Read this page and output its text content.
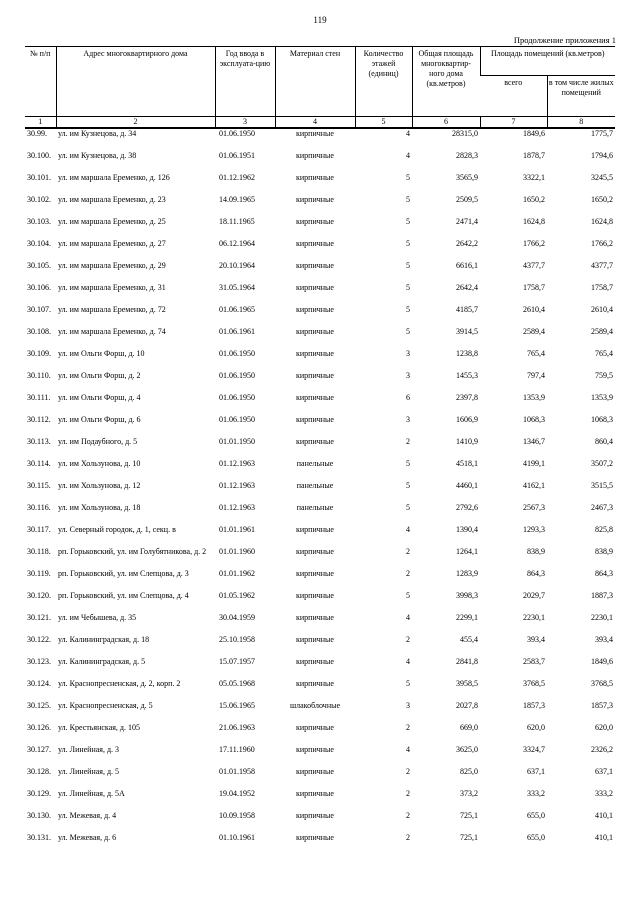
119
Продолжение приложения 1
№ п/п	Адрес многоквартирного дома	Год ввода в эксплуата-цию	Материал стен	Количество этажей (единиц)	Общая площадь многоквартир-ного дома (кв.метров)	Площадь помещений (кв.метров)	
						всего	в том числе жилых помещений
1	2	3	4	5	6	7	8
30.99.	ул. им Кузнецова, д. 34	01.06.1950	кирпичные	4	28315,0	1849,6	1775,7
30.100.	ул. им Кузнецова, д. 38	01.06.1951	кирпичные	4	2828,3	1878,7	1794,6
30.101.	ул. им маршала Еременко, д. 126	01.12.1962	кирпичные	5	3565,9	3322,1	3245,5
30.102.	ул. им маршала Еременко, д. 23	14.09.1965	кирпичные	5	2509,5	1650,2	1650,2
30.103.	ул. им маршала Еременко, д. 25	18.11.1965	кирпичные	5	2471,4	1624,8	1624,8
30.104.	ул. им маршала Еременко, д. 27	06.12.1964	кирпичные	5	2642,2	1766,2	1766,2
30.105.	ул. им маршала Еременко, д. 29	20.10.1964	кирпичные	5	6616,1	4377,7	4377,7
30.106.	ул. им маршала Еременко, д. 31	31.05.1964	кирпичные	5	2642,4	1758,7	1758,7
30.107.	ул. им маршала Еременко, д. 72	01.06.1965	кирпичные	5	4185,7	2610,4	2610,4
30.108.	ул. им маршала Еременко, д. 74	01.06.1961	кирпичные	5	3914,5	2589,4	2589,4
30.109.	ул. им Ольги Форш, д. 10	01.06.1950	кирпичные	3	1238,8	765,4	765,4
30.110.	ул. им Ольги Форш, д. 2	01.06.1950	кирпичные	3	1455,3	797,4	759,5
30.111.	ул. им Ольги Форш, д. 4	01.06.1950	кирпичные	6	2397,8	1353,9	1353,9
30.112.	ул. им Ольги Форш, д. 6	01.06.1950	кирпичные	3	1606,9	1068,3	1068,3
30.113.	ул. им Подаубного, д. 5	01.01.1950	кирпичные	2	1410,9	1346,7	860,4
30.114.	ул. им Хользунова, д. 10	01.12.1963	панельные	5	4518,1	4199,1	3507,2
30.115.	ул. им Хользунова, д. 12	01.12.1963	панельные	5	4460,1	4162,1	3515,5
30.116.	ул. им Хользунова, д. 18	01.12.1963	панельные	5	2792,6	2567,3	2467,3
30.117.	ул. Северный городок, д. 1, секц. в	01.01.1961	кирпичные	4	1390,4	1293,3	825,8
30.118.	рп. Горьковский, ул. им Голубятникова, д. 2	01.01.1960	кирпичные	2	1264,1	838,9	838,9
30.119.	рп. Горьковский, ул. им Слепцова, д. 3	01.01.1962	кирпичные	2	1283,9	864,3	864,3
30.120.	рп. Горьковский, ул. им Слепцова, д. 4	01.05.1962	кирпичные	5	3998,3	2029,7	1887,3
30.121.	ул. им Чебышева, д. 35	30.04.1959	кирпичные	4	2299,1	2230,1	2230,1
30.122.	ул. Калининградская, д. 18	25.10.1958	кирпичные	2	455,4	393,4	393,4
30.123.	ул. Калининградская, д. 5	15.07.1957	кирпичные	4	2841,8	2583,7	1849,6
30.124.	ул. Краснопресненская, д. 2, корп. 2	05.05.1968	кирпичные	5	3958,5	3768,5	3768,5
30.125.	ул. Краснопресненская, д. 5	15.06.1965	шлакоблочные	3	2027,8	1857,3	1857,3
30.126.	ул. Крестьянская, д. 105	21.06.1963	кирпичные	2	669,0	620,0	620,0
30.127.	ул. Линейная, д. 3	17.11.1960	кирпичные	4	3625,0	3324,7	2326,2
30.128.	ул. Линейная, д. 5	01.01.1958	кирпичные	2	825,0	637,1	637,1
30.129.	ул. Линейная, д. 5А	19.04.1952	кирпичные	2	373,2	333,2	333,2
30.130.	ул. Межевая, д. 4	10.09.1958	кирпичные	2	725,1	655,0	410,1
30.131.	ул. Межевая, д. 6	01.10.1961	кирпичные	2	725,1	655,0	410,1
